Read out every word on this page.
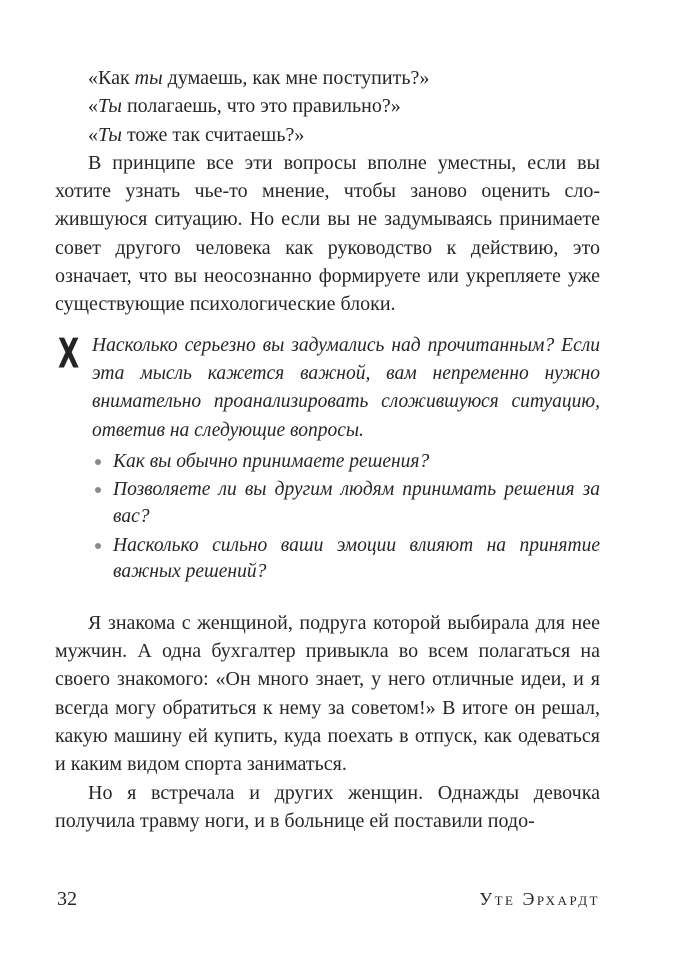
«Как ты думаешь, как мне поступить?»

«Ты полагаешь, что это правильно?»

«Ты тоже так считаешь?»

В принципе все эти вопросы вполне уместны, если вы хотите узнать чье-то мнение, чтобы заново оценить сложившуюся ситуацию. Но если вы не задумываясь принимаете совет другого человека как руководство к действию, это означает, что вы неосознанно формируете или укрепляете уже существующие психологические блоки.

X Насколько серьезно вы задумались над прочитанным? Если эта мысль кажется важной, вам непременно нужно внимательно проанализировать сложившуюся ситуацию, ответив на следующие вопросы.

Как вы обычно принимаете решения?
Позволяете ли вы другим людям принимать решения за вас?
Насколько сильно ваши эмоции влияют на принятие важных решений?

Я знакома с женщиной, подруга которой выбирала для нее мужчин. А одна бухгалтер привыкла во всем полагаться на своего знакомого: «Он много знает, у него отличные идеи, и я всегда могу обратиться к нему за советом!» В итоге он решал, какую машину ей купить, куда поехать в отпуск, как одеваться и каким видом спорта заниматься.

Но я встречала и других женщин. Однажды девочка получила травму ноги, и в больнице ей поставили подо-

32	Уте Эрхардт
